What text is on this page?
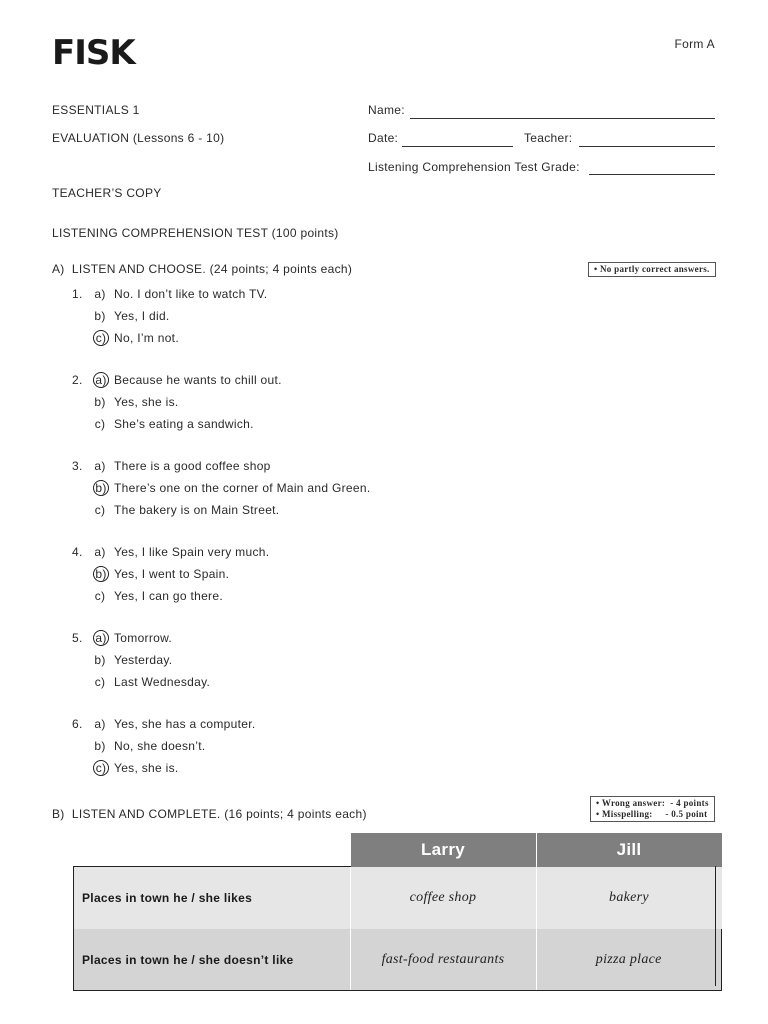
FISK	Form A
ESSENTIALS 1
EVALUATION (Lessons 6 - 10)
TEACHER’S COPY
Name:
Date:	Teacher:
Listening Comprehension Test Grade:
LISTENING COMPREHENSION TEST (100 points)
A)  LISTEN AND CHOOSE. (24 points; 4 points each)	• No partly correct answers.
1. a) No. I don’t like to watch TV.
b) Yes, I did.
c) No, I’m not.
2. a) Because he wants to chill out.
b) Yes, she is.
c) She’s eating a sandwich.
3. a) There is a good coffee shop
b) There’s one on the corner of Main and Green.
c) The bakery is on Main Street.
4. a) Yes, I like Spain very much.
b) Yes, I went to Spain.
c) Yes, I can go there.
5. a) Tomorrow.
b) Yesterday.
c) Last Wednesday.
6. a) Yes, she has a computer.
b) No, she doesn’t.
c) Yes, she is.
B)  LISTEN AND COMPLETE. (16 points; 4 points each)
• Wrong answer:  - 4 points
• Misspelling:     - 0.5 point
	Larry	Jill
Places in town he / she likes	coffee shop	bakery
Places in town he / she doesn’t like	fast-food restaurants	pizza place
